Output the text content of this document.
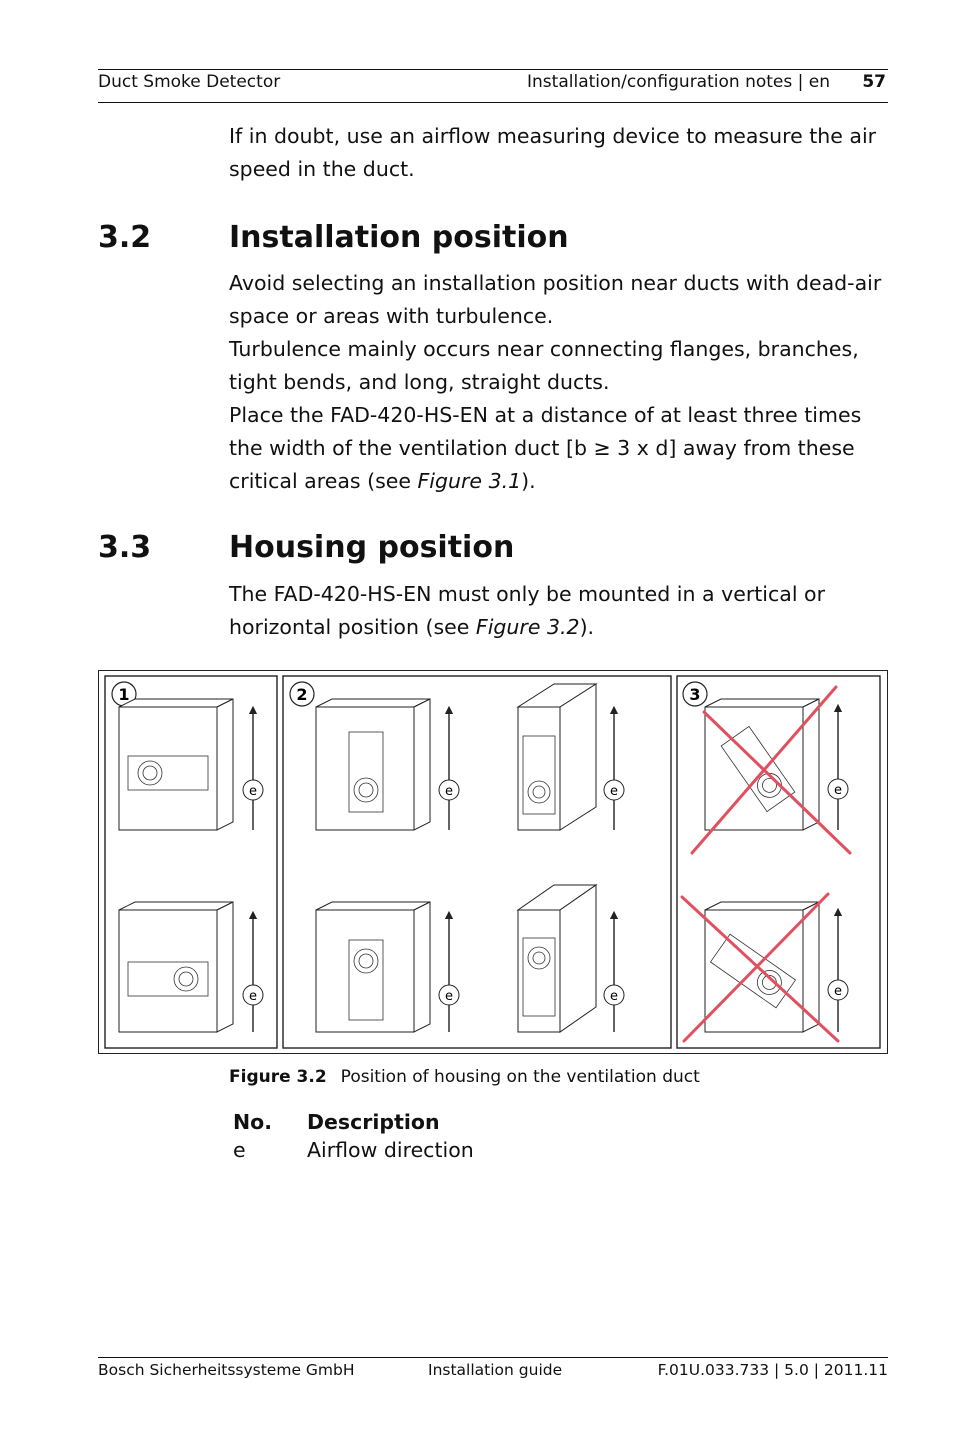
Duct Smoke Detector	Installation/configuration notes | en 57

If in doubt, use an airflow measuring device to measure the air speed in the duct.

3.2	Installation position
Avoid selecting an installation position near ducts with dead-air space or areas with turbulence.
Turbulence mainly occurs near connecting flanges, branches, tight bends, and long, straight ducts.
Place the FAD-420-HS-EN at a distance of at least three times the width of the ventilation duct [b ≥ 3 x d] away from these critical areas (see Figure 3.1).
3.3	Housing position
The FAD-420-HS-EN must only be mounted in a vertical or horizontal position (see Figure 3.2).
1	2	3
e
e
e
e
e
e
e
e
Figure 3.2 Position of housing on the ventilation duct
No. Description
e	Airflow direction
Bosch Sicherheitssysteme GmbH	Installation guide	F.01U.033.733 | 5.0 | 2011.11
